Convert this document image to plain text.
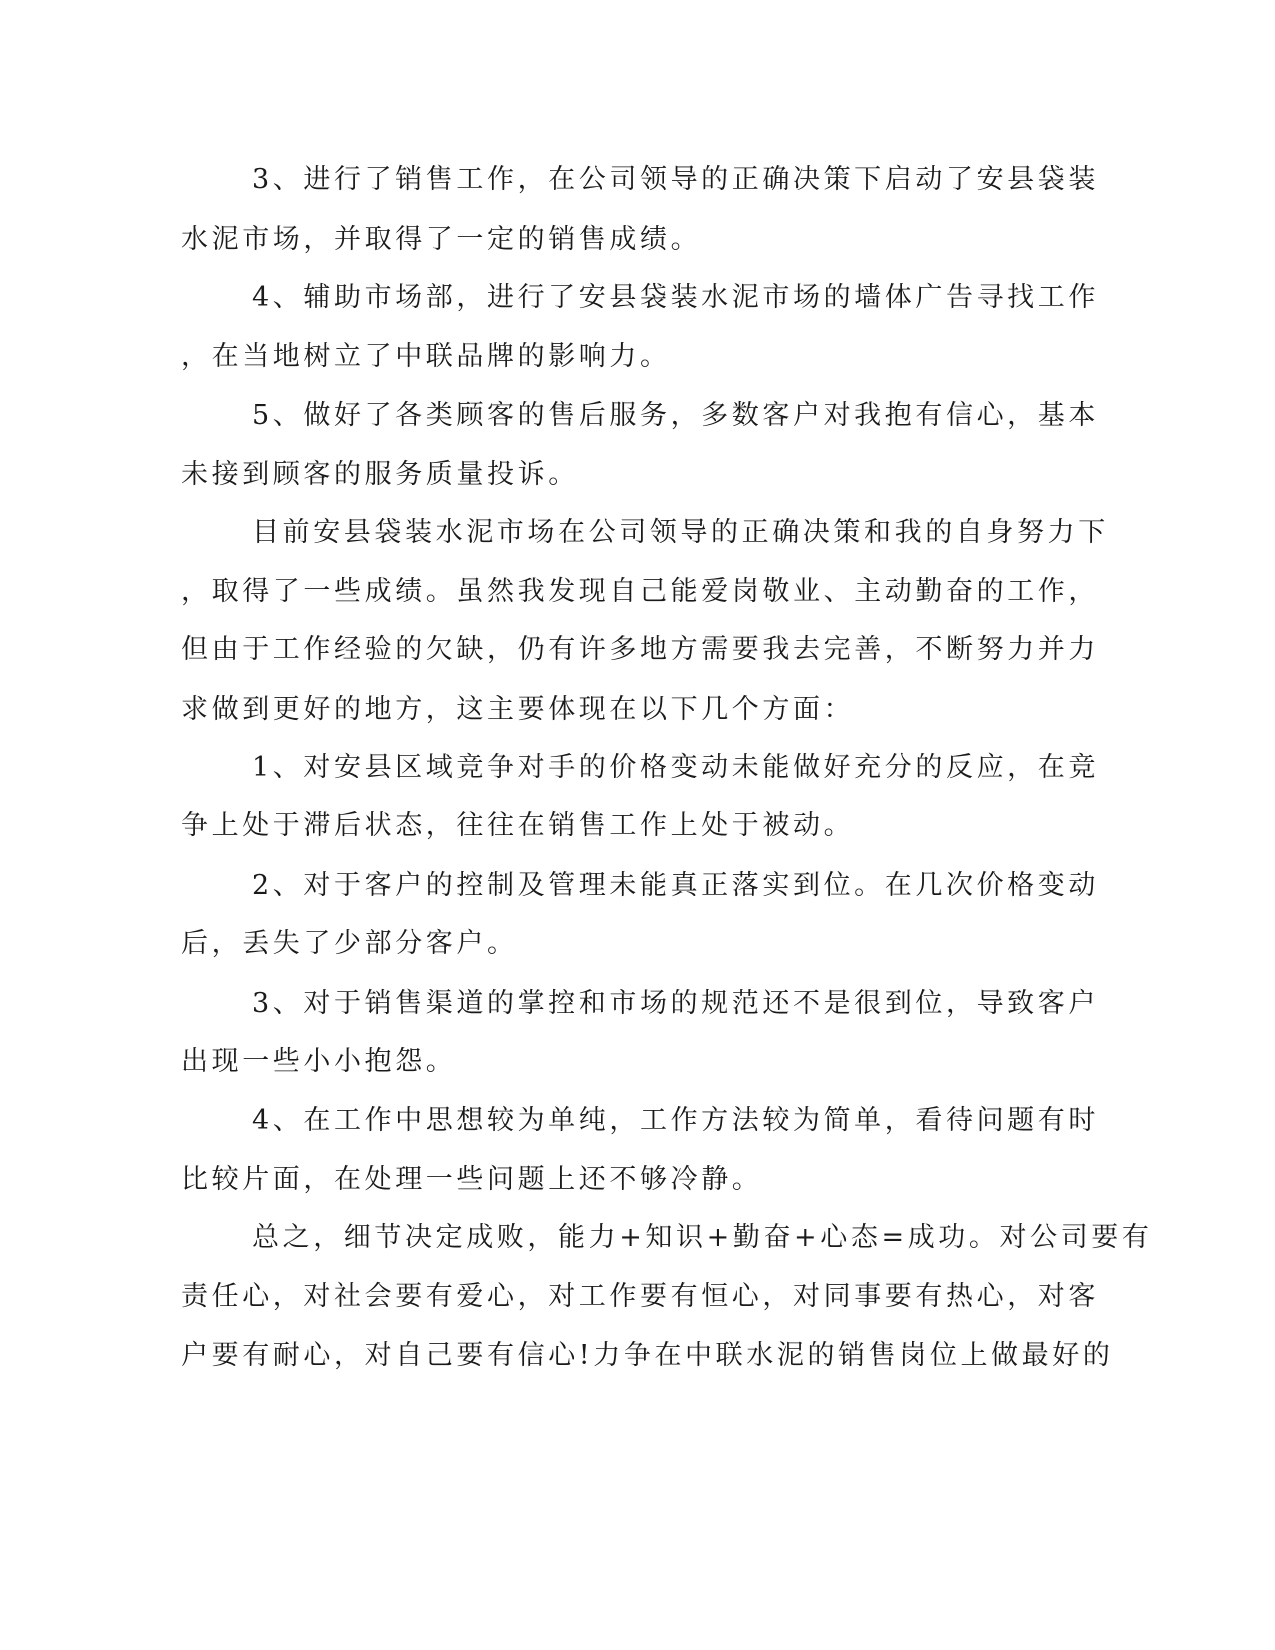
3、进行了销售工作，在公司领导的正确决策下启动了安县袋装
水泥市场，并取得了一定的销售成绩。
4、辅助市场部，进行了安县袋装水泥市场的墙体广告寻找工作
，在当地树立了中联品牌的影响力。
5、做好了各类顾客的售后服务，多数客户对我抱有信心，基本
未接到顾客的服务质量投诉。
目前安县袋装水泥市场在公司领导的正确决策和我的自身努力下
，取得了一些成绩。虽然我发现自己能爱岗敬业、主动勤奋的工作，
但由于工作经验的欠缺，仍有许多地方需要我去完善，不断努力并力
求做到更好的地方，这主要体现在以下几个方面：
1、对安县区域竞争对手的价格变动未能做好充分的反应，在竞
争上处于滞后状态，往往在销售工作上处于被动。
2、对于客户的控制及管理未能真正落实到位。在几次价格变动
后，丢失了少部分客户。
3、对于销售渠道的掌控和市场的规范还不是很到位，导致客户
出现一些小小抱怨。
4、在工作中思想较为单纯，工作方法较为简单，看待问题有时
比较片面，在处理一些问题上还不够冷静。
总之，细节决定成败，能力+知识+勤奋+心态=成功。对公司要有
责任心，对社会要有爱心，对工作要有恒心，对同事要有热心，对客
户要有耐心，对自己要有信心!力争在中联水泥的销售岗位上做最好的
